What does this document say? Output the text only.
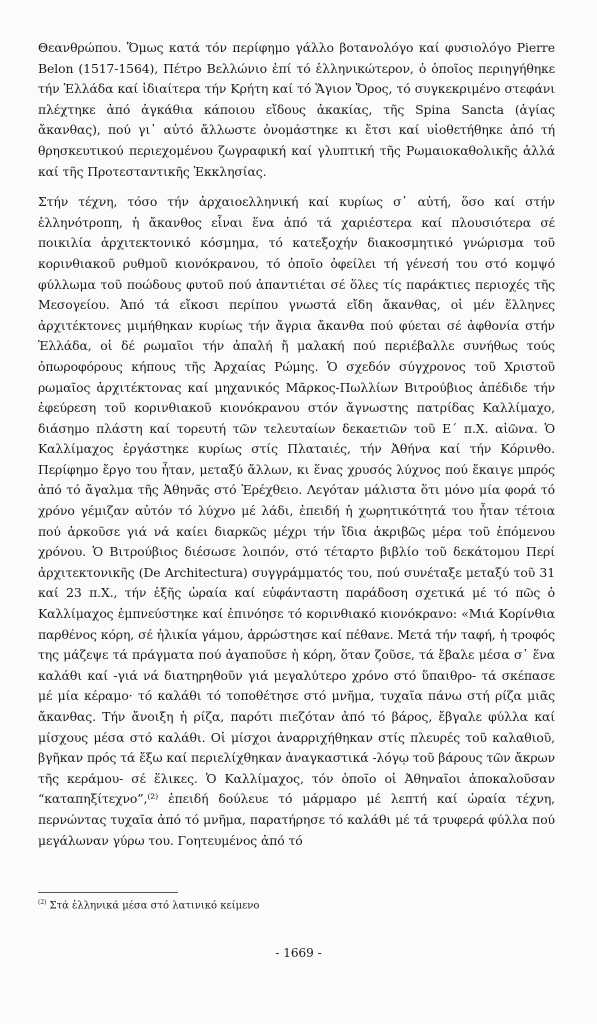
Θεανθρώπου. Ὅμως κατά τόν περίφημο γάλλο βοτανολόγο καί φυσιολόγο Pierre Belon (1517-1564), Πέτρο Βελλώνιο ἐπί τό ἑλληνικώτερον, ὁ ὁποῖος περιηγήθηκε τήν Ἑλλάδα καί ἰδιαίτερα τήν Κρήτη καί τό Ἅγιον Ὄρος, τό συγκεκριμένο στεφάνι πλέχτηκε ἀπό ἀγκάθια κάποιου εἴδους ἀκακίας, τῆς Spina Sancta (ἁγίας ἄκανθας), πού γι᾽ αὐτό ἄλλωστε ὀνομάστηκε κι ἔτσι καί υἱοθετήθηκε ἀπό τή θρησκευτικού περιεχομένου ζωγραφική καί γλυπτική τῆς Ρωμαιοκαθολικῆς ἀλλά καί τῆς Προτεσταντικῆς Ἐκκλησίας.

Στήν τέχνη, τόσο τήν ἀρχαιοελληνική καί κυρίως σ᾽ αὐτή, ὅσο καί στήν ἑλληνότροπη, ἡ ἄκανθος εἶναι ἕνα ἀπό τά χαριέστερα καί πλουσιότερα σέ ποικιλία ἀρχιτεκτονικό κόσμημα, τό κατεξοχήν διακοσμητικό γνώρισμα τοῦ κορινθιακοῦ ρυθμοῦ κιονόκρανου, τό ὁποῖο ὀφείλει τή γένεσή του στό κομψό φύλλωμα τοῦ ποώδους φυτοῦ πού ἀπαντιέται σέ ὅλες τίς παράκτιες περιοχές τῆς Μεσογείου. Ἀπό τά εἴκοσι περίπου γνωστά εἴδη ἄκανθας, οἱ μέν ἕλληνες ἀρχιτέκτονες μιμήθηκαν κυρίως τήν ἄγρια ἄκανθα πού φύεται σέ ἀφθονία στήν Ἑλλάδα, οἱ δέ ρωμαῖοι τήν ἁπαλή ἤ μαλακή πού περιέβαλλε συνήθως τούς ὀπωροφόρους κήπους τῆς Ἀρχαίας Ρώμης. Ὁ σχεδόν σύγχρονος τοῦ Χριστοῦ ρωμαῖος ἀρχιτέκτονας καί μηχανικός Μᾶρκος-Πωλλίων Βιτρούβιος ἀπέδιδε τήν ἐφεύρεση τοῦ κορινθιακοῦ κιονόκρανου στόν ἄγνωστης πατρίδας Καλλίμαχο, διάσημο πλάστη καί τορευτή τῶν τελευταίων δεκαετιῶν τοῦ Ε´ π.Χ. αἰῶνα. Ὁ Καλλίμαχος ἐργάστηκε κυρίως στίς Πλαταιές, τήν Ἀθήνα καί τήν Κόρινθο. Περίφημο ἔργο του ἦταν, μεταξύ ἄλλων, κι ἕνας χρυσός λύχνος πού ἔκαιγε μπρός ἀπό τό ἄγαλμα τῆς Ἀθηνᾶς στό Ἐρέχθειο. Λεγόταν μάλιστα ὅτι μόνο μία φορά τό χρόνο γέμιζαν αὐτόν τό λύχνο μέ λάδι, ἐπειδή ἡ χωρητικότητά του ἦταν τέτοια πού ἀρκοῦσε γιά νά καίει διαρκῶς μέχρι τήν ἴδια ἀκριβῶς μέρα τοῦ ἑπόμενου χρόνου. Ὁ Βιτρούβιος διέσωσε λοιπόν, στό τέταρτο βιβλίο τοῦ δεκάτομου Περί ἀρχιτεκτονικῆς (De Architectura) συγγράμματός του, πού συνέταξε μεταξύ τοῦ 31 καί 23 π.Χ., τήν ἑξῆς ὡραία καί εὐφάνταστη παράδοση σχετικά μέ τό πῶς ὁ Καλλίμαχος ἐμπνεύστηκε καί ἐπινόησε τό κορινθιακό κιονόκρανο: «Μιά Κορίνθια παρθένος κόρη, σέ ἡλικία γάμου, ἀρρώστησε καί πέθανε. Μετά τήν ταφή, ἡ τροφός της μάζεψε τά πράγματα πού ἀγαποῦσε ἡ κόρη, ὅταν ζοῦσε, τά ἔβαλε μέσα σ᾽ ἕνα καλάθι καί -γιά νά διατηρηθοῦν γιά μεγαλύτερο χρόνο στό ὕπαιθρο- τά σκέπασε μέ μία κέραμο· τό καλάθι τό τοποθέτησε στό μνῆμα, τυχαῖα πάνω στή ρίζα μιᾶς ἄκανθας. Τήν ἄνοιξη ἡ ρίζα, παρότι πιεζόταν ἀπό τό βάρος, ἔβγαλε φύλλα καί μίσχους μέσα στό καλάθι. Οἱ μίσχοι ἀναρριχήθηκαν στίς πλευρές τοῦ καλαθιοῦ, βγῆκαν πρός τά ἔξω καί περιελίχθηκαν ἀναγκαστικά -λόγῳ τοῦ βάρους τῶν ἄκρων τῆς κεράμου- σέ ἕλικες. Ὁ Καλλίμαχος, τόν ὁποῖο οἱ Ἀθηναῖοι ἀποκαλοῦσαν “καταπηξίτεχνο”,⁽²⁾ ἐπειδή δούλευε τό μάρμαρο μέ λεπτή καί ὡραία τέχνη, περνώντας τυχαῖα ἀπό τό μνῆμα, παρατήρησε τό καλάθι μέ τά τρυφερά φύλλα πού μεγάλωναν γύρω του. Γοητευμένος ἀπό τό

$^{(2)}$ Στά ἑλληνικά μέσα στό λατινικό κείμενο
- 1669 -
